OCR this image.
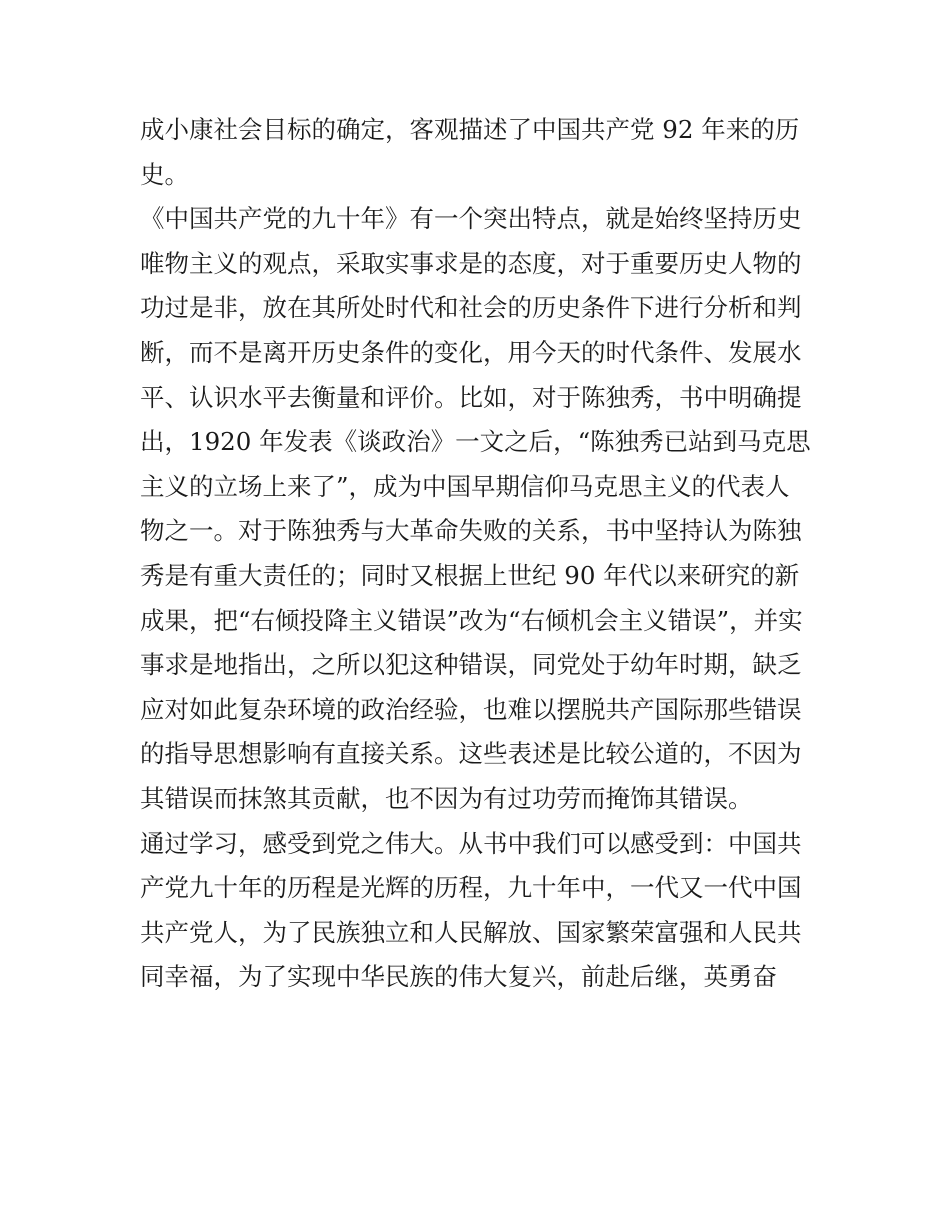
成小康社会目标的确定，客观描述了中国共产党 92 年来的历
史。
《中国共产党的九十年》有一个突出特点，就是始终坚持历史
唯物主义的观点，采取实事求是的态度，对于重要历史人物的
功过是非，放在其所处时代和社会的历史条件下进行分析和判
断，而不是离开历史条件的变化，用今天的时代条件、发展水
平、认识水平去衡量和评价。比如，对于陈独秀，书中明确提
出，1920 年发表《谈政治》一文之后，“陈独秀已站到马克思
主义的立场上来了”，成为中国早期信仰马克思主义的代表人
物之一。对于陈独秀与大革命失败的关系，书中坚持认为陈独
秀是有重大责任的；同时又根据上世纪 90 年代以来研究的新
成果，把“右倾投降主义错误”改为“右倾机会主义错误”，并实
事求是地指出，之所以犯这种错误，同党处于幼年时期，缺乏
应对如此复杂环境的政治经验，也难以摆脱共产国际那些错误
的指导思想影响有直接关系。这些表述是比较公道的，不因为
其错误而抹煞其贡献，也不因为有过功劳而掩饰其错误。
通过学习，感受到党之伟大。从书中我们可以感受到：中国共
产党九十年的历程是光辉的历程，九十年中，一代又一代中国
共产党人，为了民族独立和人民解放、国家繁荣富强和人民共
同幸福，为了实现中华民族的伟大复兴，前赴后继，英勇奋
